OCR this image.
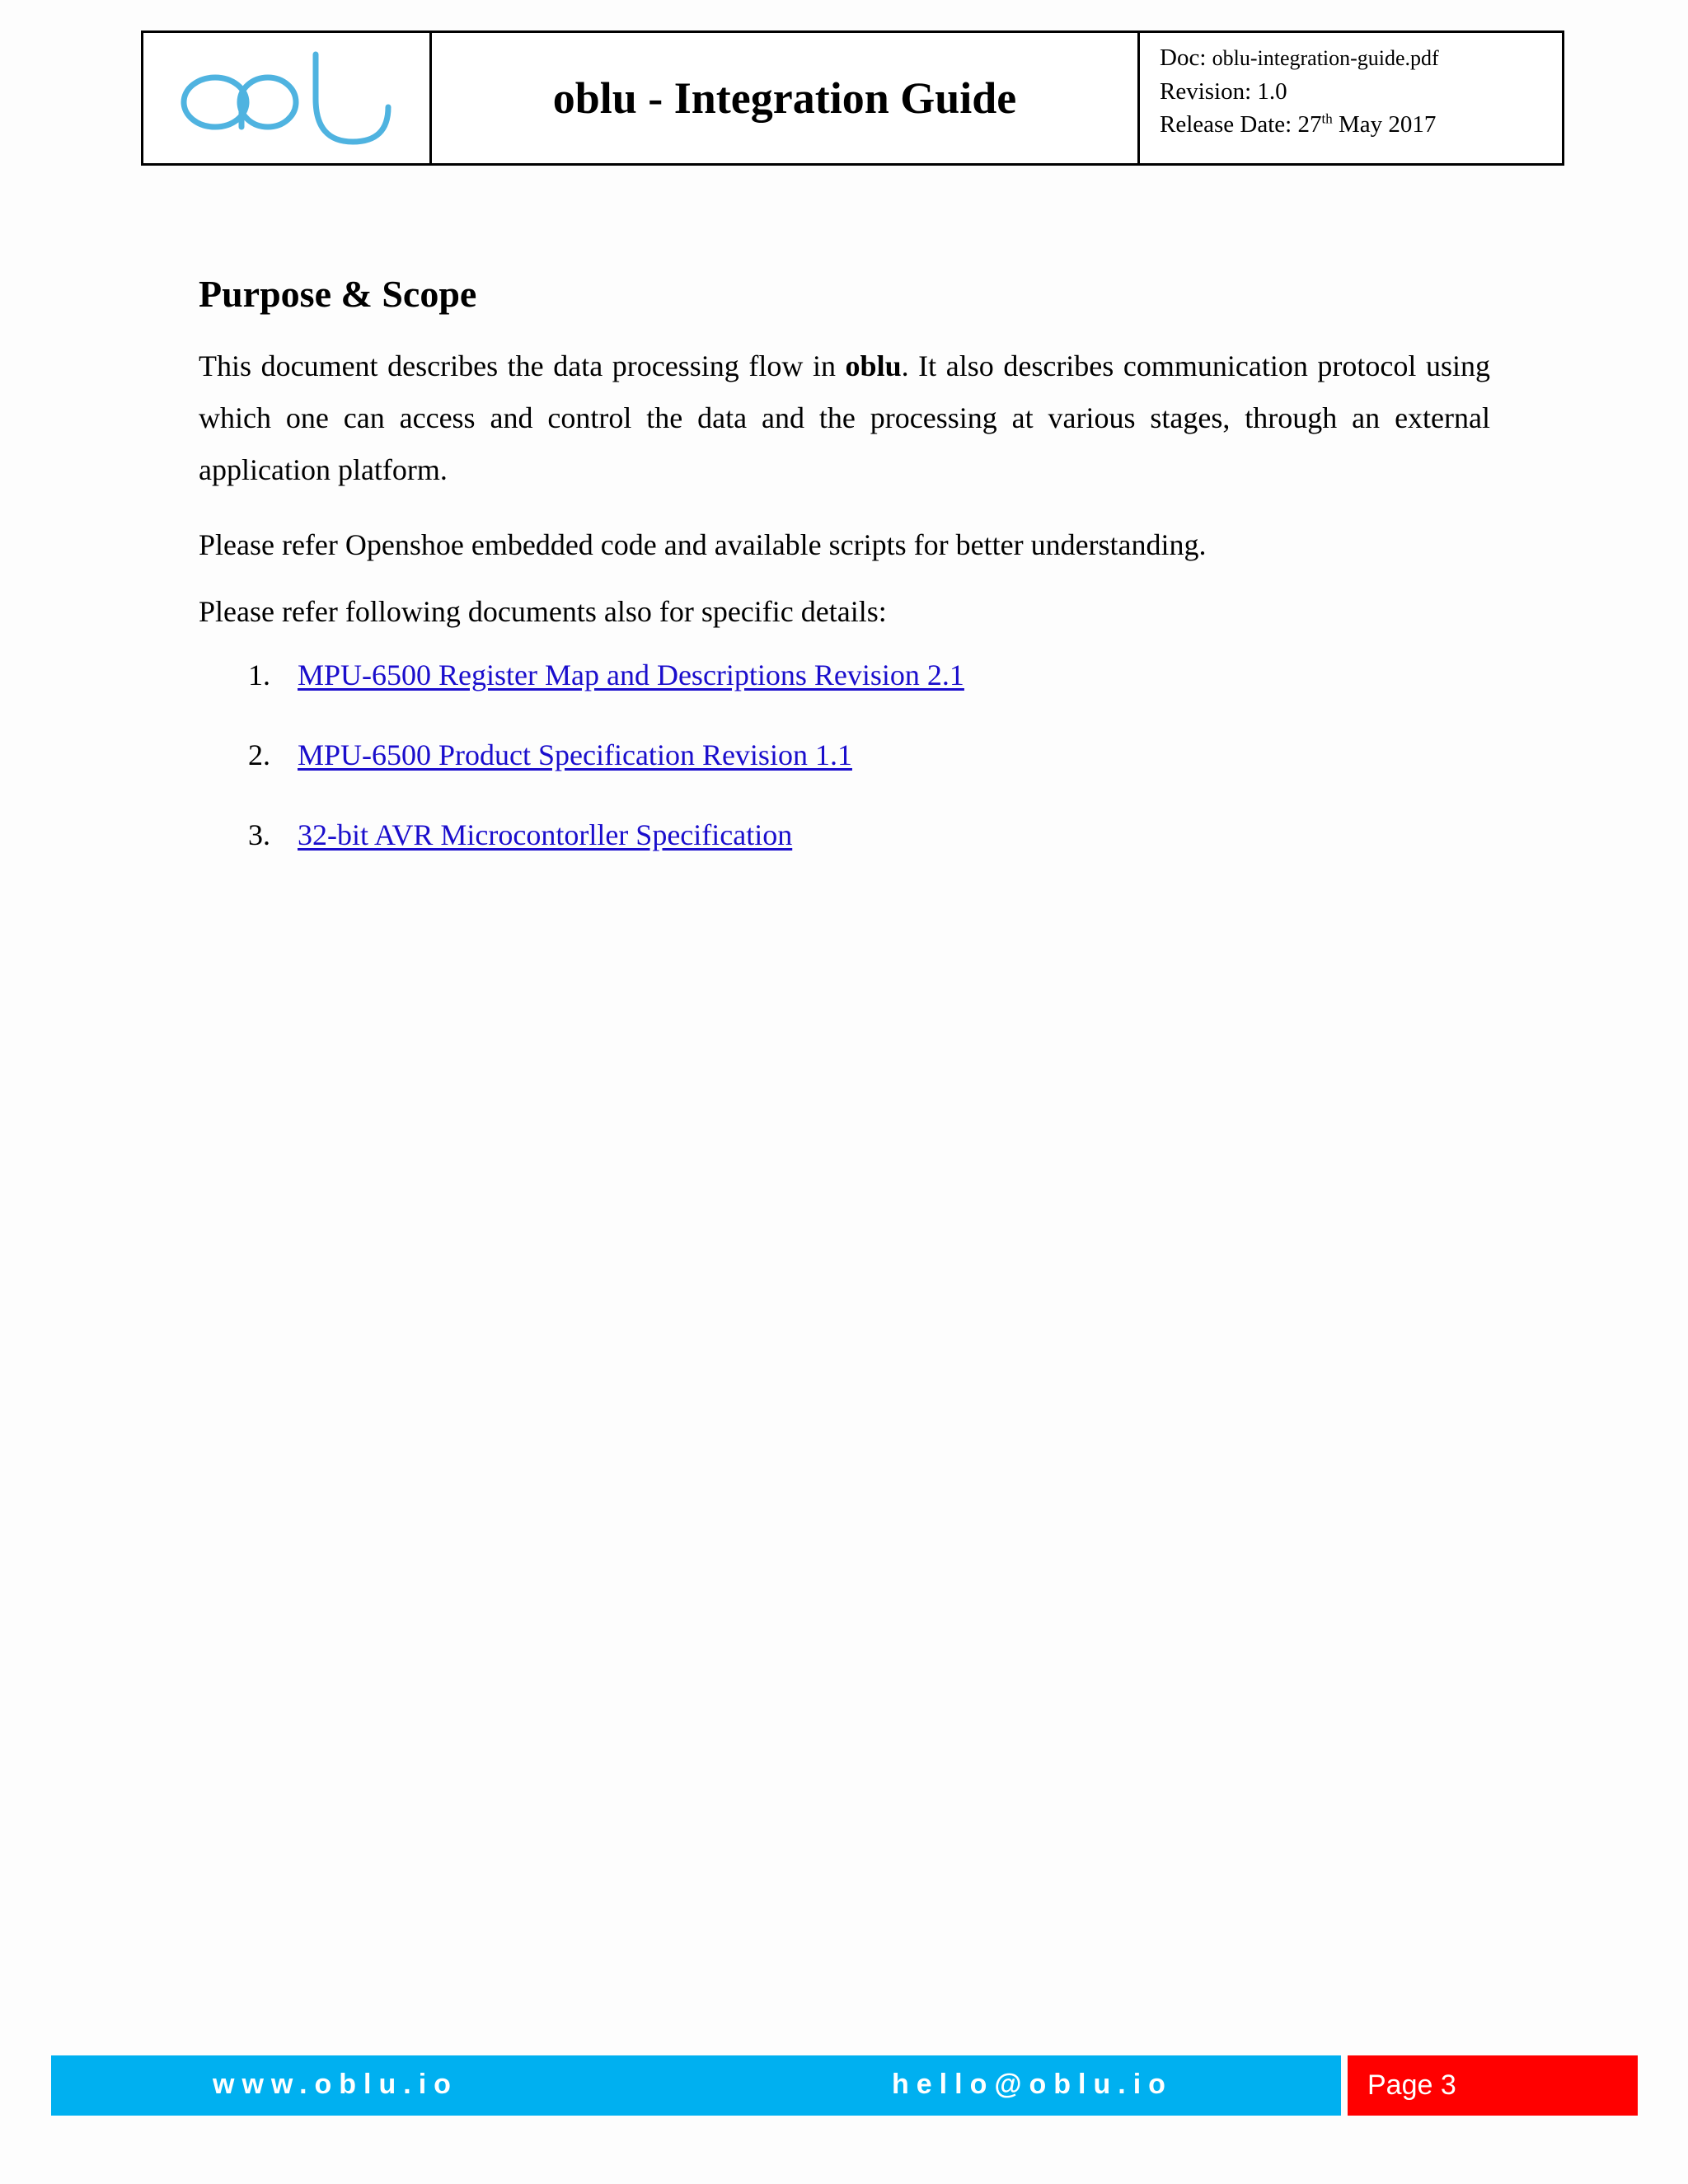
oblu - Integration Guide
Doc: oblu-integration-guide.pdf
Revision: 1.0
Release Date: 27th May 2017
Purpose & Scope

This document describes the data processing flow in oblu. It also describes communication protocol using which one can access and control the data and the processing at various stages, through an external application platform.

Please refer Openshoe embedded code and available scripts for better understanding.

Please refer following documents also for specific details:

1. MPU-6500 Register Map and Descriptions Revision 2.1
2. MPU-6500 Product Specification Revision 1.1
3. 32-bit AVR Microcontorller Specification
www.oblu.io	hello@oblu.io	Page 3
